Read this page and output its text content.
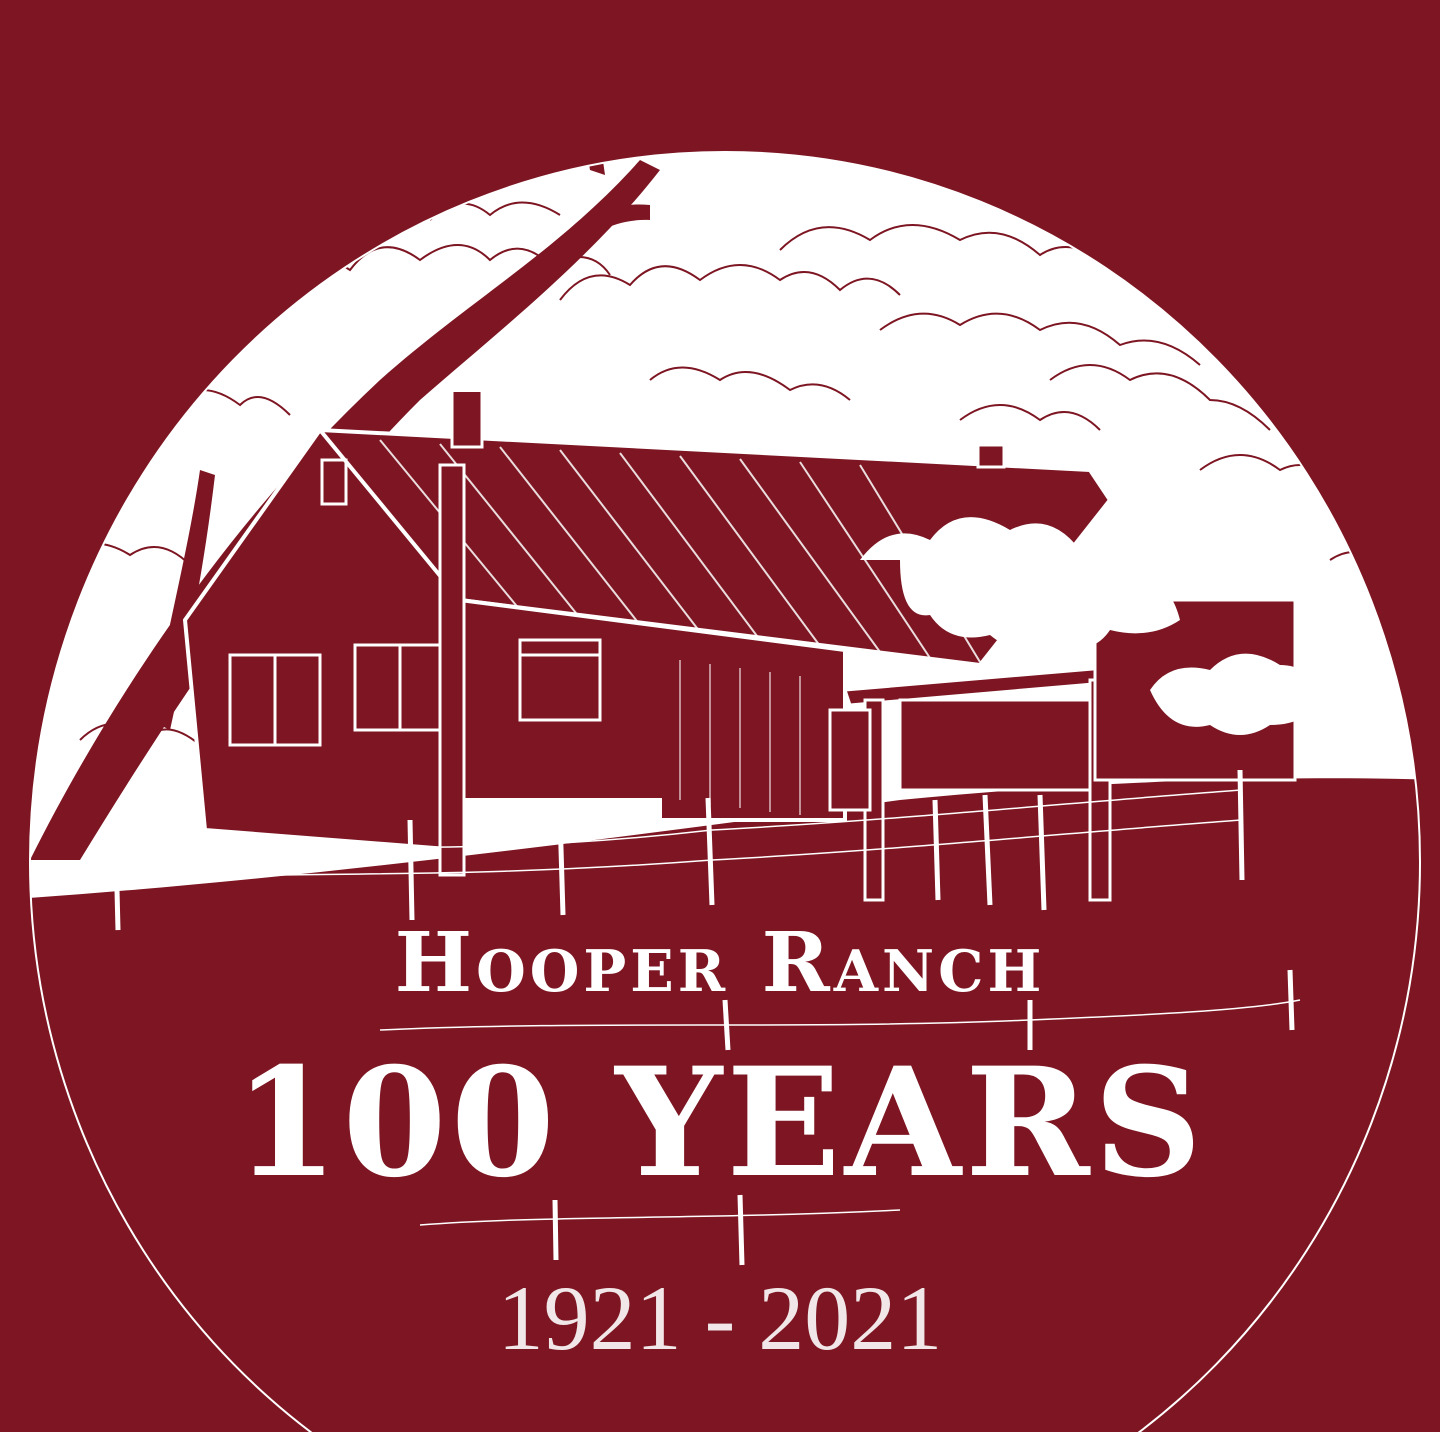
Hooper Ranch
100 YEARS
1921 - 2021
